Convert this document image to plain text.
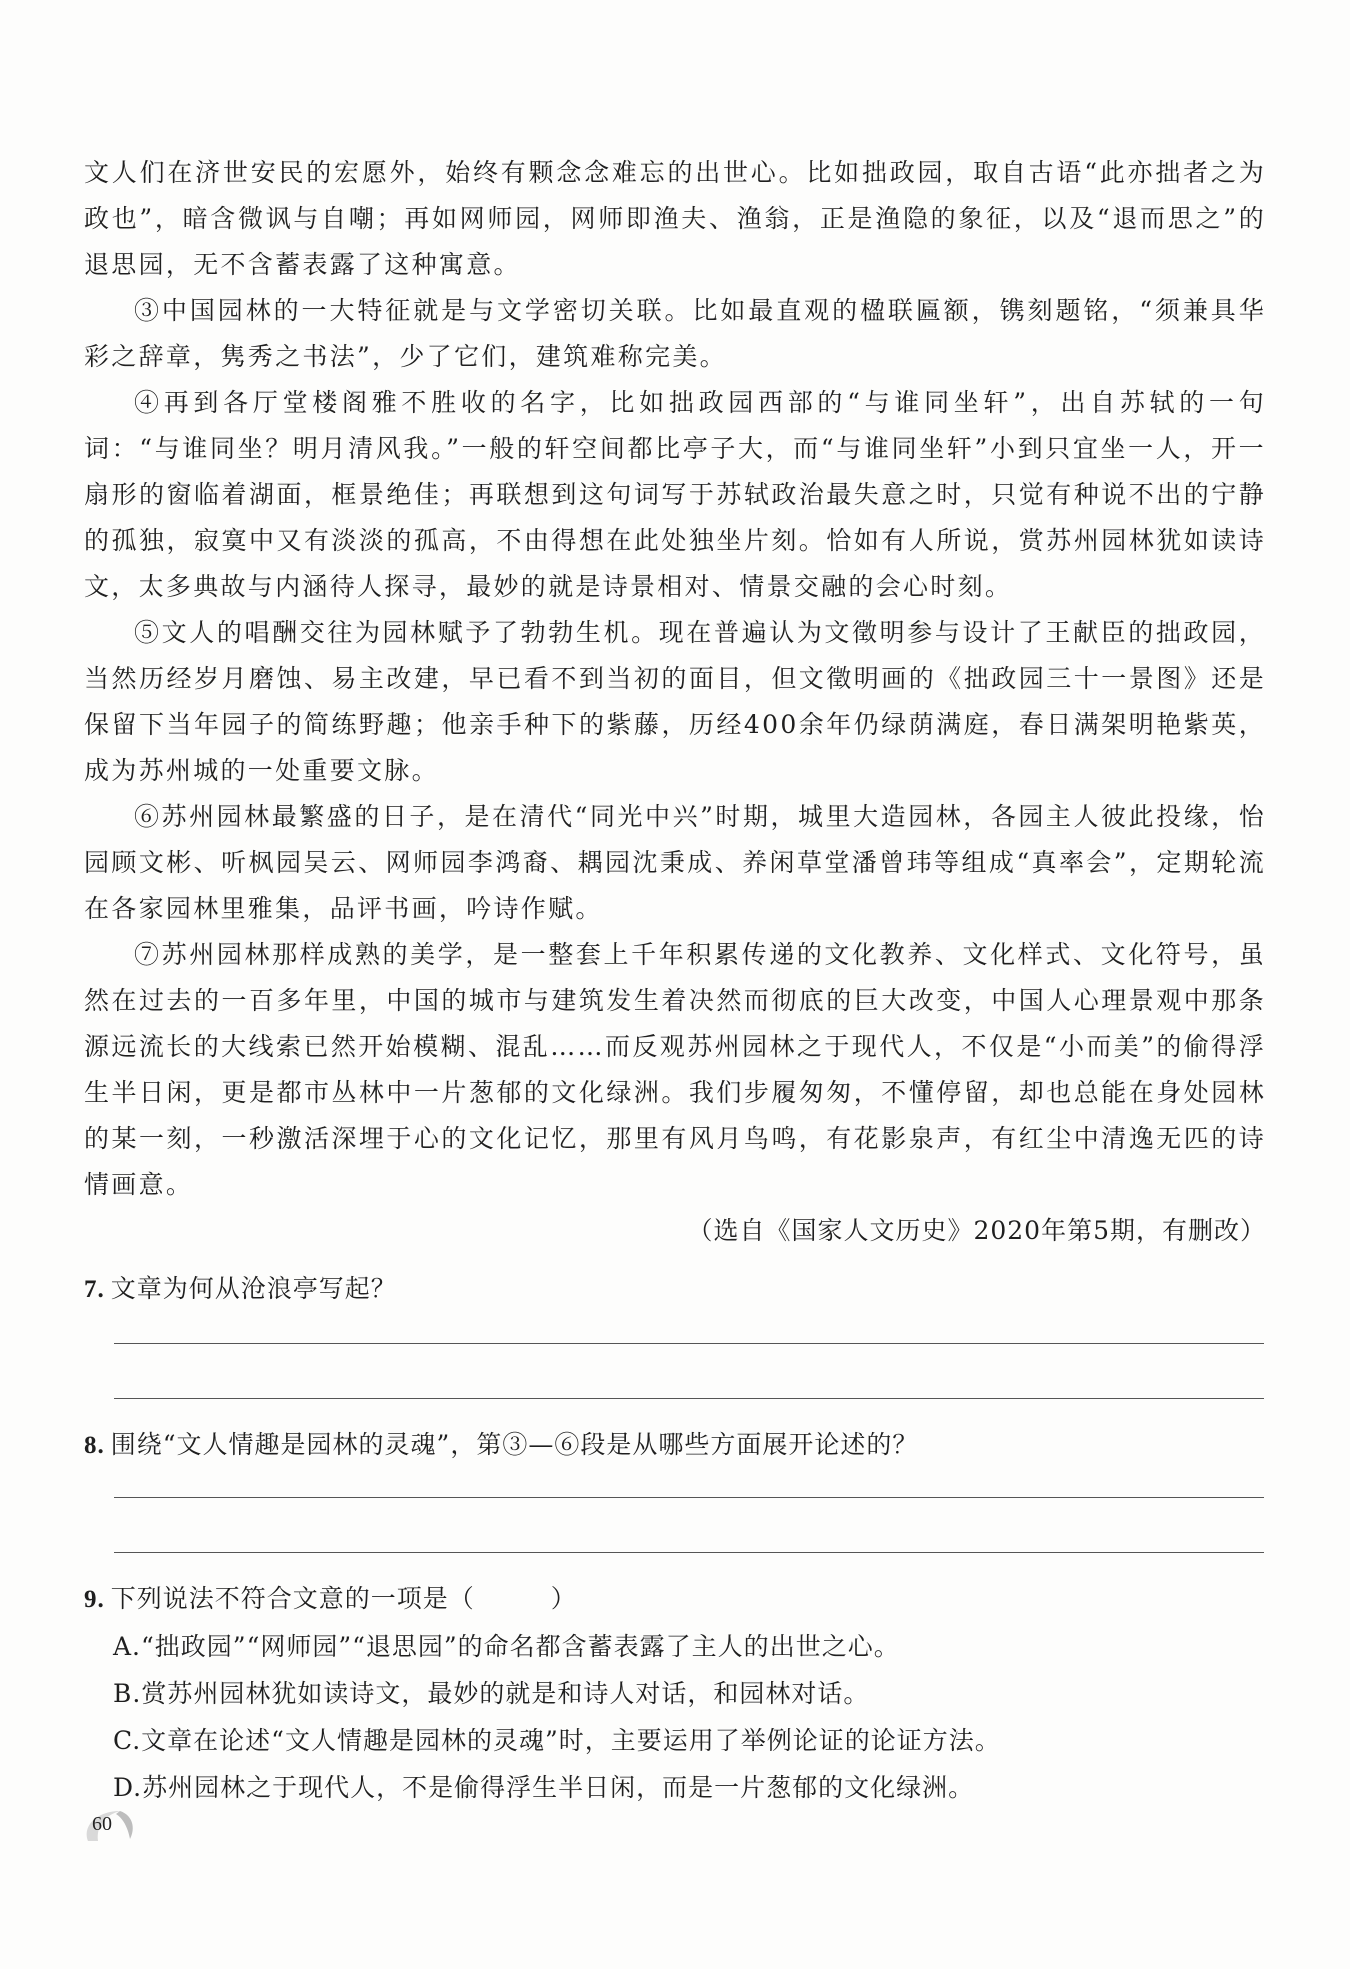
文人们在济世安民的宏愿外，始终有颗念念难忘的出世心。比如拙政园，取自古语“此亦拙者之为政也”，暗含微讽与自嘲；再如网师园，网师即渔夫、渔翁，正是渔隐的象征，以及“退而思之”的退思园，无不含蓄表露了这种寓意。

③中国园林的一大特征就是与文学密切关联。比如最直观的楹联匾额，镌刻题铭，“须兼具华彩之辞章，隽秀之书法”，少了它们，建筑难称完美。

④再到各厅堂楼阁雅不胜收的名字，比如拙政园西部的“与谁同坐轩”，出自苏轼的一句词：“与谁同坐？明月清风我。”一般的轩空间都比亭子大，而“与谁同坐轩”小到只宜坐一人，开一扇形的窗临着湖面，框景绝佳；再联想到这句词写于苏轼政治最失意之时，只觉有种说不出的宁静的孤独，寂寞中又有淡淡的孤高，不由得想在此处独坐片刻。恰如有人所说，赏苏州园林犹如读诗文，太多典故与内涵待人探寻，最妙的就是诗景相对、情景交融的会心时刻。

⑤文人的唱酬交往为园林赋予了勃勃生机。现在普遍认为文徵明参与设计了王献臣的拙政园，当然历经岁月磨蚀、易主改建，早已看不到当初的面目，但文徵明画的《拙政园三十一景图》还是保留下当年园子的简练野趣；他亲手种下的紫藤，历经400余年仍绿荫满庭，春日满架明艳紫英，成为苏州城的一处重要文脉。

⑥苏州园林最繁盛的日子，是在清代“同光中兴”时期，城里大造园林，各园主人彼此投缘，怡园顾文彬、听枫园吴云、网师园李鸿裔、耦园沈秉成、养闲草堂潘曾玮等组成“真率会”，定期轮流在各家园林里雅集，品评书画，吟诗作赋。

⑦苏州园林那样成熟的美学，是一整套上千年积累传递的文化教养、文化样式、文化符号，虽然在过去的一百多年里，中国的城市与建筑发生着决然而彻底的巨大改变，中国人心理景观中那条源远流长的大线索已然开始模糊、混乱……而反观苏州园林之于现代人，不仅是“小而美”的偷得浮生半日闲，更是都市丛林中一片葱郁的文化绿洲。我们步履匆匆，不懂停留，却也总能在身处园林的某一刻，一秒激活深埋于心的文化记忆，那里有风月鸟鸣，有花影泉声，有红尘中清逸无匹的诗情画意。

（选自《国家人文历史》2020年第5期，有删改）

7. 文章为何从沧浪亭写起？

8. 围绕“文人情趣是园林的灵魂”，第③—⑥段是从哪些方面展开论述的？

9. 下列说法不符合文意的一项是（	）

A.“拙政园”“网师园”“退思园”的命名都含蓄表露了主人的出世之心。

B.赏苏州园林犹如读诗文，最妙的就是和诗人对话，和园林对话。

C.文章在论述“文人情趣是园林的灵魂”时，主要运用了举例论证的论证方法。

D.苏州园林之于现代人，不是偷得浮生半日闲，而是一片葱郁的文化绿洲。

60
